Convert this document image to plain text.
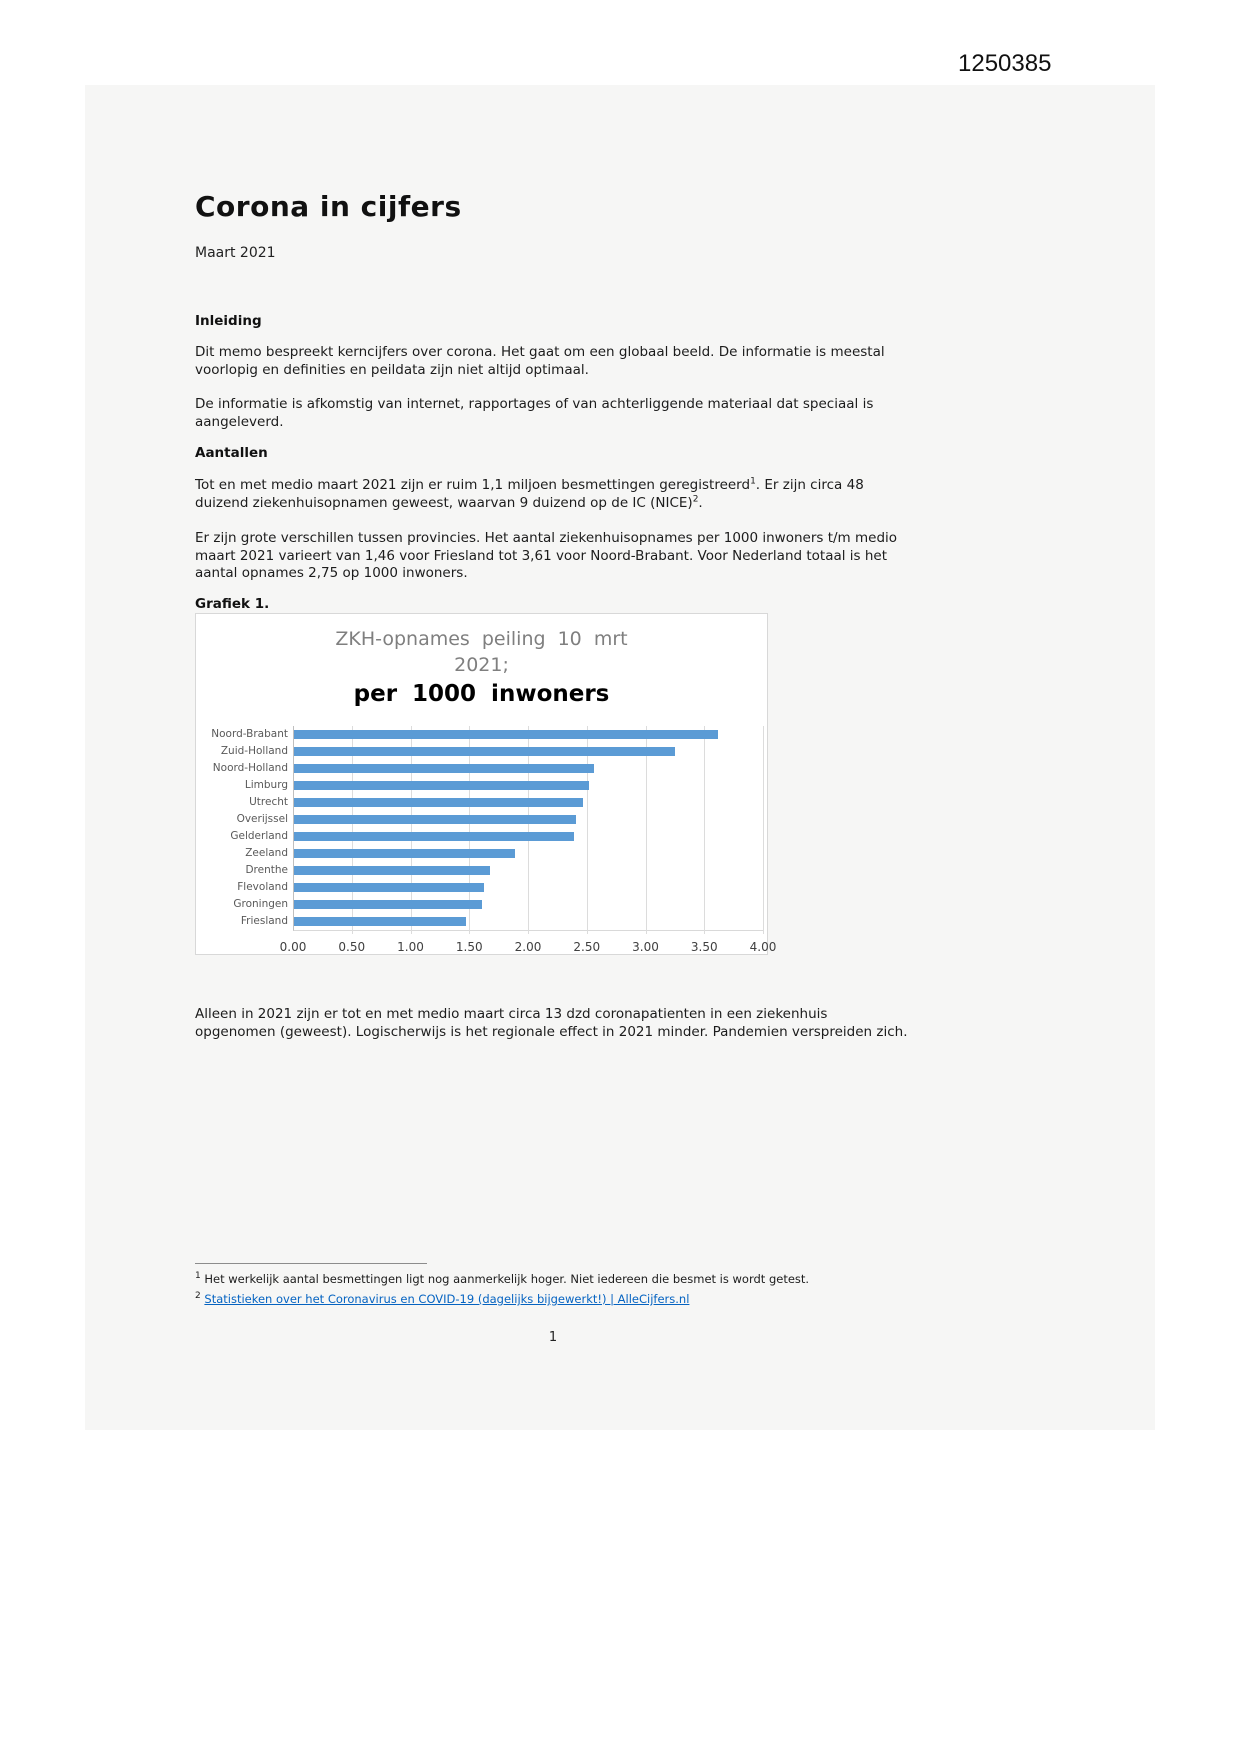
1250385
Corona in cijfers
Maart 2021
Inleiding
Dit memo bespreekt kerncijfers over corona. Het gaat om een globaal beeld. De informatie is meestal voorlopig en definities en peildata zijn niet altijd optimaal.
De informatie is afkomstig van internet, rapportages of van achterliggende materiaal dat speciaal is aangeleverd.
Aantallen
Tot en met medio maart 2021 zijn er ruim 1,1 miljoen besmettingen geregistreerd$^1$. Er zijn circa 48 duizend ziekenhuisopnamen geweest, waarvan 9 duizend op de IC (NICE)$^2$.
Er zijn grote verschillen tussen provincies. Het aantal ziekenhuisopnames per 1000 inwoners t/m medio maart 2021 varieert van 1,46 voor Friesland tot 3,61 voor Noord-Brabant. Voor Nederland totaal is het aantal opnames 2,75 op 1000 inwoners.
Grafiek 1.
ZKH-opnames peiling 10 mrt
2021;
per 1000 inwoners
Noord-Brabant
Zuid-Holland
Noord-Holland
Limburg
Utrecht
Overijssel
Gelderland
Zeeland
Drenthe
Flevoland
Groningen
Friesland
0.00	0.50	1.00	1.50	2.00	2.50	3.00	3.50	4.00
Alleen in 2021 zijn er tot en met medio maart circa 13 dzd coronapatienten in een ziekenhuis opgenomen (geweest). Logischerwijs is het regionale effect in 2021 minder. Pandemien verspreiden zich.
$^1$ Het werkelijk aantal besmettingen ligt nog aanmerkelijk hoger. Niet iedereen die besmet is wordt getest.
$^2$ Statistieken over het Coronavirus en COVID-19 (dagelijks bijgewerkt!) | AlleCijfers.nl
1
